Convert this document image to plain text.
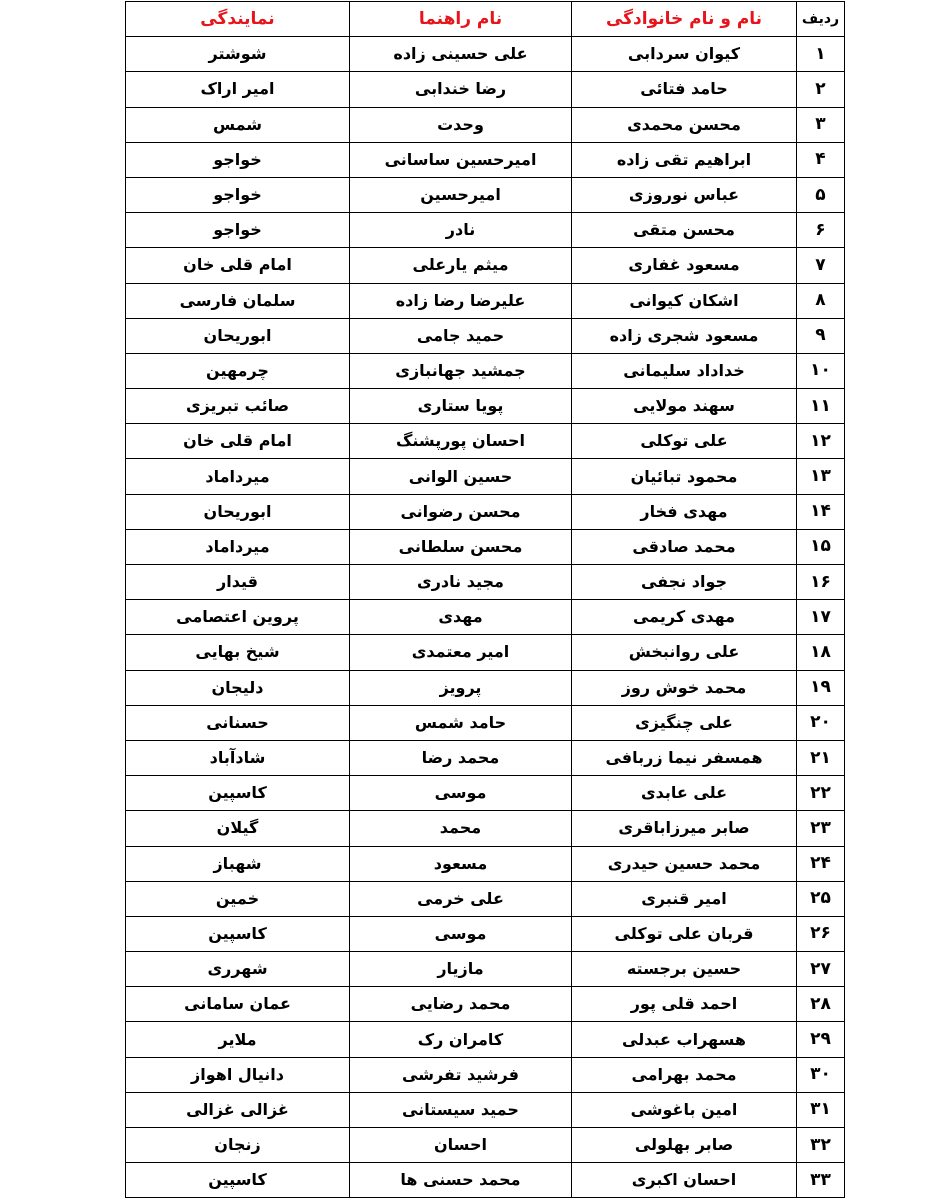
ردیف	نام و نام خانوادگی	نام راهنما	نمایندگی
۱	کیوان سردابی	علی حسینی زاده	شوشتر
۲	حامد فتائی	رضا خندابی	امیر اراک
۳	محسن محمدی	وحدت	شمس
۴	ابراهیم تقی زاده	امیرحسین ساسانی	خواجو
۵	عباس نوروزی	امیرحسین	خواجو
۶	محسن متقی	نادر	خواجو
۷	مسعود غفاری	میثم یارعلی	امام قلی خان
۸	اشکان کیوانی	علیرضا رضا زاده	سلمان فارسی
۹	مسعود شجری زاده	حمید جامی	ابوریحان
۱۰	خداداد سلیمانی	جمشید جهانبازی	چرمهین
۱۱	سهند مولایی	پویا ستاری	صائب تبریزی
۱۲	علی توکلی	احسان پورپشنگ	امام قلی خان
۱۳	محمود تبائیان	حسین الوانی	میرداماد
۱۴	مهدی فخار	محسن رضوانی	ابوریحان
۱۵	محمد صادقی	محسن سلطانی	میرداماد
۱۶	جواد نجفی	مجید نادری	قیدار
۱۷	مهدی کریمی	مهدی	پروین اعتصامی
۱۸	علی روانبخش	امیر معتمدی	شیخ بهایی
۱۹	محمد خوش روز	پرویز	دلیجان
۲۰	علی چنگیزی	حامد شمس	حسنانی
۲۱	همسفر نیما زربافی	محمد رضا	شادآباد
۲۲	علی عابدی	موسی	کاسپین
۲۳	صابر میرزاباقری	محمد	گیلان
۲۴	محمد حسین حیدری	مسعود	شهباز
۲۵	امیر قنبری	علی خرمی	خمین
۲۶	قربان علی توکلی	موسی	کاسپین
۲۷	حسین برجسته	مازیار	شهرری
۲۸	احمد قلی پور	محمد رضایی	عمان سامانی
۲۹	هسهراب عبدلی	کامران رک	ملایر
۳۰	محمد بهرامی	فرشید تفرشی	دانیال اهواز
۳۱	امین باغوشی	حمید سیستانی	غزالی غزالی
۳۲	صابر بهلولی	احسان	زنجان
۳۳	احسان اکبری	محمد حسنی ها	کاسپین
